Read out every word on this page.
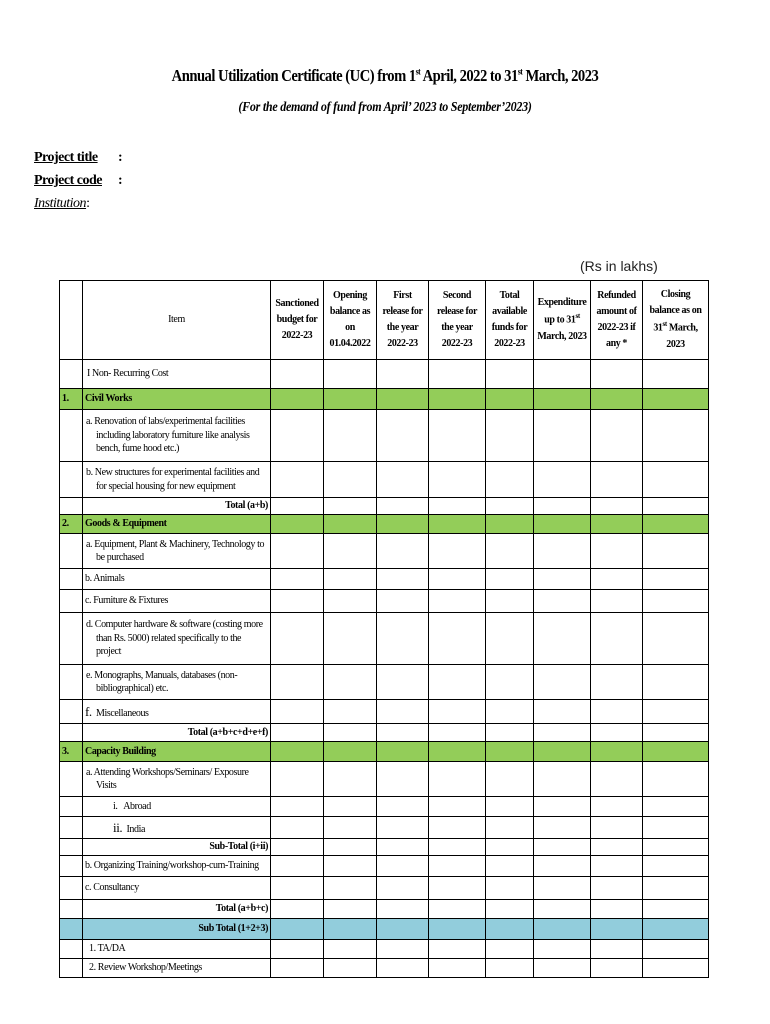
Annual Utilization Certificate (UC) from 1st April, 2022 to 31st March, 2023
(For the demand of fund from April’ 2023 to September’2023)
Project title :
Project code :
Institution:
(Rs in lakhs)
	Item	Sanctioned budget for 2022-23	Opening balance as on 01.04.2022	First release for the year 2022-23	Second release for the year 2022-23	Total available funds for 2022-23	Expenditure up to 31st March, 2023	Refunded amount of 2022-23 if any *	Closing balance as on 31st March, 2023
	I Non- Recurring Cost								
1.	Civil Works								
	a. Renovation of labs/experimental facilities including laboratory furniture like analysis bench, fume hood etc.)								
	b. New structures for experimental facilities and for special housing for new equipment								
	Total (a+b)								
2.	Goods & Equipment								
	a. Equipment, Plant & Machinery, Technology to be purchased								
	b. Animals								
	c. Furniture & Fixtures								
	d. Computer hardware & software (costing more than Rs. 5000) related specifically to the project								
	e. Monographs, Manuals, databases (non-bibliographical) etc.								
	f. Miscellaneous								
	Total (a+b+c+d+e+f)								
3.	Capacity Building								
	a. Attending Workshops/Seminars/ Exposure Visits								
	i. Abroad								
	ii. India								
	Sub-Total (i+ii)								
	b. Organizing Training/workshop-cum-Training								
	c. Consultancy								
	Total (a+b+c)								
	Sub Total (1+2+3)								
	1. TA/DA								
	2. Review Workshop/Meetings								
